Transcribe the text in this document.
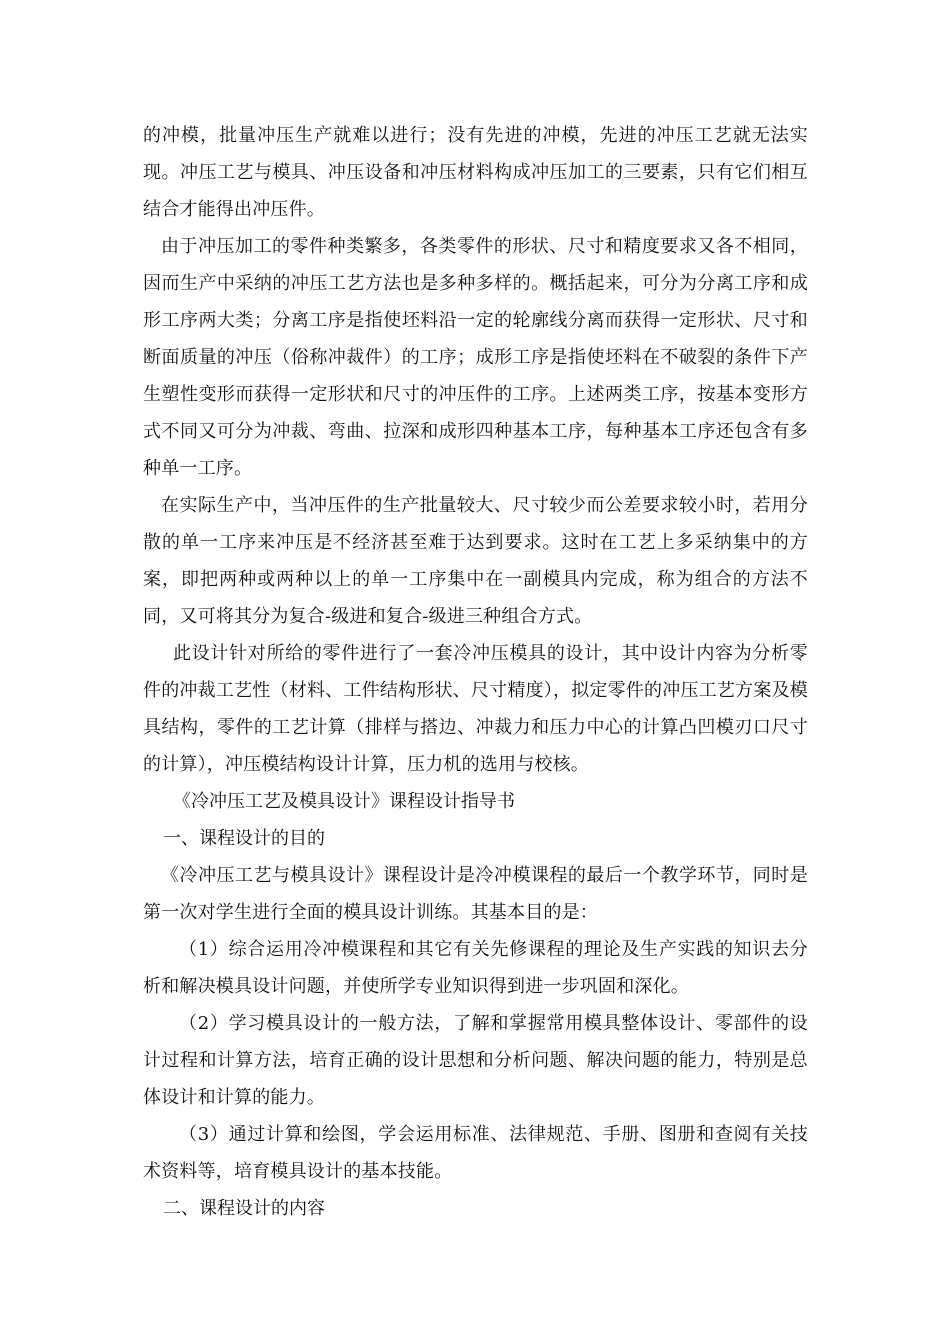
的冲模，批量冲压生产就难以进行；没有先进的冲模，先进的冲压工艺就无法实现。冲压工艺与模具、冲压设备和冲压材料构成冲压加工的三要素，只有它们相互结合才能得出冲压件。

由于冲压加工的零件种类繁多，各类零件的形状、尺寸和精度要求又各不相同，因而生产中采纳的冲压工艺方法也是多种多样的。概括起来，可分为分离工序和成形工序两大类；分离工序是指使坯料沿一定的轮廓线分离而获得一定形状、尺寸和断面质量的冲压（俗称冲裁件）的工序；成形工序是指使坯料在不破裂的条件下产生塑性变形而获得一定形状和尺寸的冲压件的工序。上述两类工序，按基本变形方式不同又可分为冲裁、弯曲、拉深和成形四种基本工序，每种基本工序还包含有多种单一工序。

在实际生产中，当冲压件的生产批量较大、尺寸较少而公差要求较小时，若用分散的单一工序来冲压是不经济甚至难于达到要求。这时在工艺上多采纳集中的方案，即把两种或两种以上的单一工序集中在一副模具内完成，称为组合的方法不同，又可将其分为复合-级进和复合-级进三种组合方式。

此设计针对所给的零件进行了一套冷冲压模具的设计，其中设计内容为分析零件的冲裁工艺性（材料、工件结构形状、尺寸精度），拟定零件的冲压工艺方案及模具结构，零件的工艺计算（排样与搭边、冲裁力和压力中心的计算凸凹模刃口尺寸的计算），冲压模结构设计计算，压力机的选用与校核。

《冷冲压工艺及模具设计》课程设计指导书

一、课程设计的目的

《冷冲压工艺与模具设计》课程设计是冷冲模课程的最后一个教学环节，同时是第一次对学生进行全面的模具设计训练。其基本目的是：

（1）综合运用冷冲模课程和其它有关先修课程的理论及生产实践的知识去分析和解决模具设计问题，并使所学专业知识得到进一步巩固和深化。

（2）学习模具设计的一般方法，了解和掌握常用模具整体设计、零部件的设计过程和计算方法，培育正确的设计思想和分析问题、解决问题的能力，特别是总体设计和计算的能力。

（3）通过计算和绘图，学会运用标准、法律规范、手册、图册和查阅有关技术资料等，培育模具设计的基本技能。

二、课程设计的内容
